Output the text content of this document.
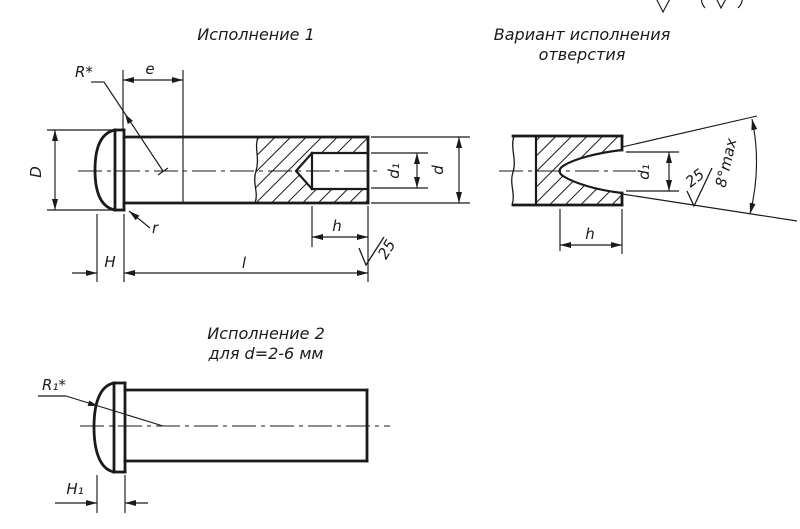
Исполнение 1
e
D
R*
r
H	l
h
d₁ d
25
Вариант исполнения
отверстия
8°max
d₁
h
25
Исполнение 2
для d=2-6 мм
R₁*
H₁
